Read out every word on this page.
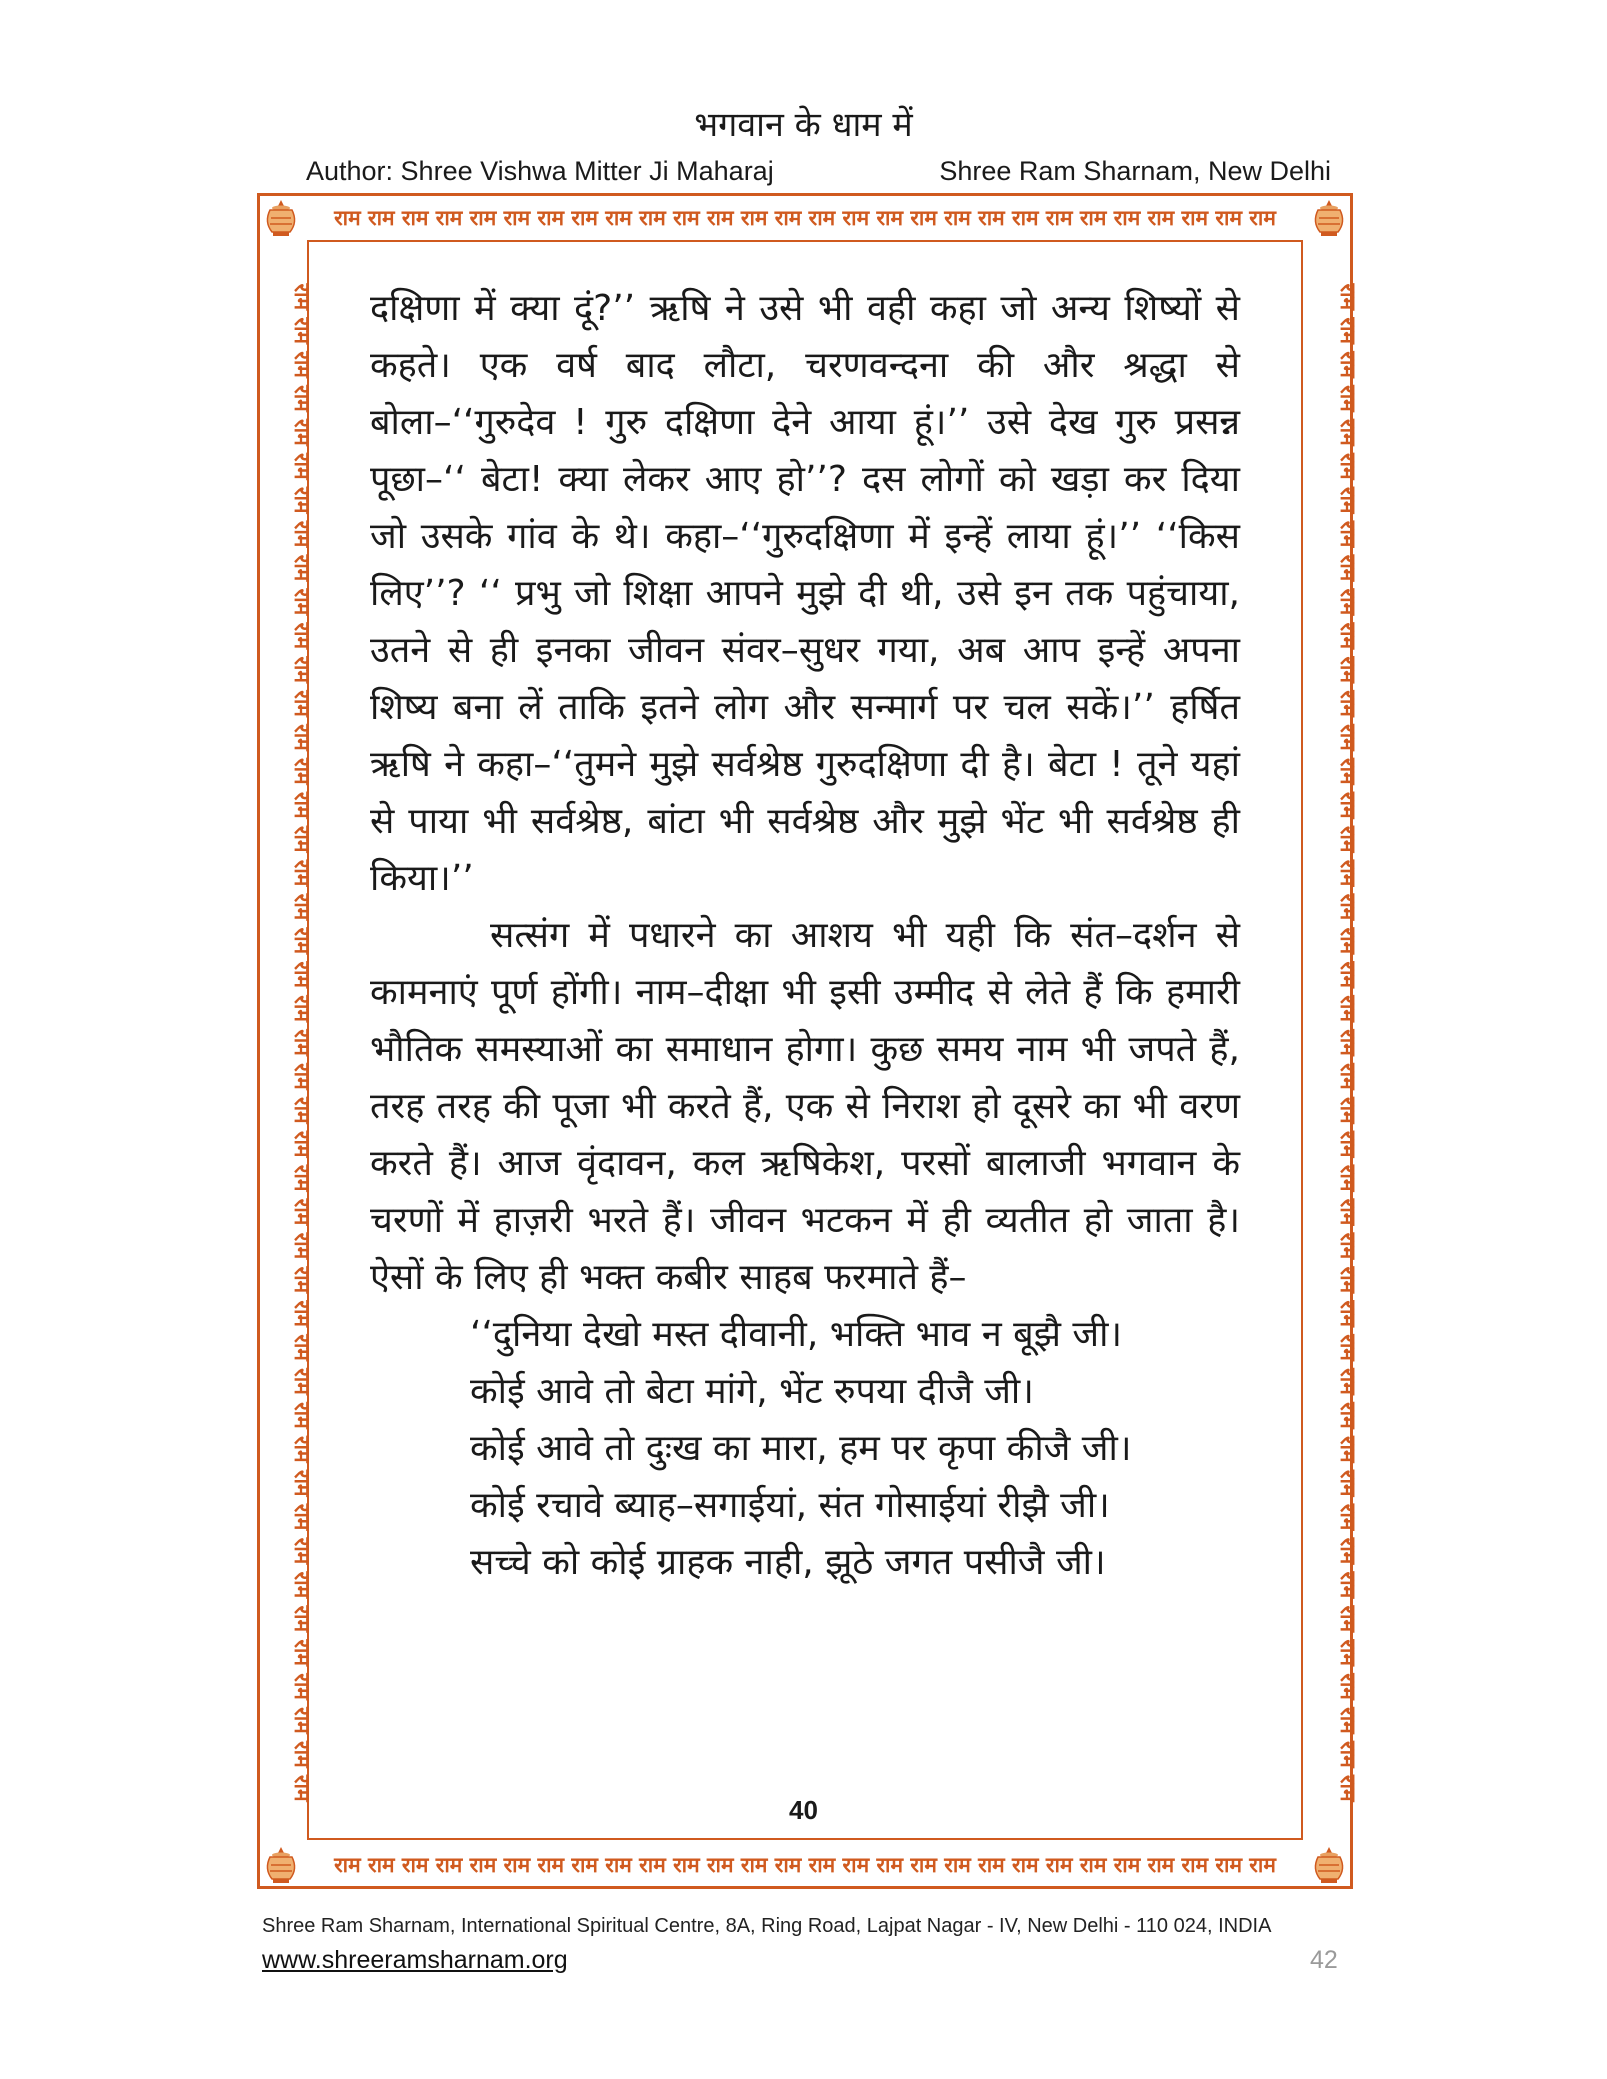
भगवान के धाम में
Author: Shree Vishwa Mitter Ji Maharaj	Shree Ram Sharnam, New Delhi
राम राम राम राम राम राम राम राम राम राम राम राम राम राम राम राम राम राम राम राम राम राम राम राम राम राम राम राम
राम राम राम राम राम राम राम राम राम राम राम राम राम राम राम राम राम राम राम राम राम राम राम राम राम राम राम राम
राम राम राम राम राम राम राम राम राम राम राम राम राम राम राम राम राम राम राम राम राम राम राम राम राम राम राम राम राम राम राम राम राम राम राम राम राम राम राम राम राम राम राम राम राम	राम राम राम राम राम राम राम राम राम राम राम राम राम राम राम राम राम राम राम राम राम राम राम राम राम राम राम राम राम राम राम राम राम राम राम राम राम राम राम राम राम राम राम राम राम

दक्षिणा में क्या दूं?’’ ऋषि ने उसे भी वही कहा जो अन्य शिष्यों से कहते। एक वर्ष बाद लौटा, चरणवन्दना की और श्रद्धा से बोला–‘‘गुरुदेव ! गुरु दक्षिणा देने आया हूं।’’ उसे देख गुरु प्रसन्न पूछा–‘‘ बेटा! क्या लेकर आए हो’’? दस लोगों को खड़ा कर दिया जो उसके गांव के थे। कहा–‘‘गुरुदक्षिणा में इन्हें लाया हूं।’’ ‘‘किस लिए’’? ‘‘ प्रभु जो शिक्षा आपने मुझे दी थी, उसे इन तक पहुंचाया, उतने से ही इनका जीवन संवर–सुधर गया, अब आप इन्हें अपना शिष्य बना लें ताकि इतने लोग और सन्मार्ग पर चल सकें।’’ हर्षित ऋषि ने कहा–‘‘तुमने मुझे सर्वश्रेष्ठ गुरुदक्षिणा दी है। बेटा ! तूने यहां से पाया भी सर्वश्रेष्ठ, बांटा भी सर्वश्रेष्ठ और मुझे भेंट भी सर्वश्रेष्ठ ही किया।’’

सत्संग में पधारने का आशय भी यही कि संत–दर्शन से कामनाएं पूर्ण होंगी। नाम–दीक्षा भी इसी उम्मीद से लेते हैं कि हमारी भौतिक समस्याओं का समाधान होगा। कुछ समय नाम भी जपते हैं, तरह तरह की पूजा भी करते हैं, एक से निराश हो दूसरे का भी वरण करते हैं। आज वृंदावन, कल ऋषिकेश, परसों बालाजी भगवान के चरणों में हाज़री भरते हैं। जीवन भटकन में ही व्यतीत हो जाता है। ऐसों के लिए ही भक्त कबीर साहब फरमाते हैं–

‘‘दुनिया देखो मस्त दीवानी, भक्ति भाव न बूझै जी।

कोई आवे तो बेटा मांगे, भेंट रुपया दीजै जी।

कोई आवे तो दुःख का मारा, हम पर कृपा कीजै जी।

कोई रचावे ब्याह–सगाईयां, संत गोसाईयां रीझै जी।

सच्चे को कोई ग्राहक नाही, झूठे जगत पसीजै जी।

40
Shree Ram Sharnam, International Spiritual Centre, 8A, Ring Road, Lajpat Nagar - IV, New Delhi - 110 024, INDIA
www.shreeramsharnam.org	42
